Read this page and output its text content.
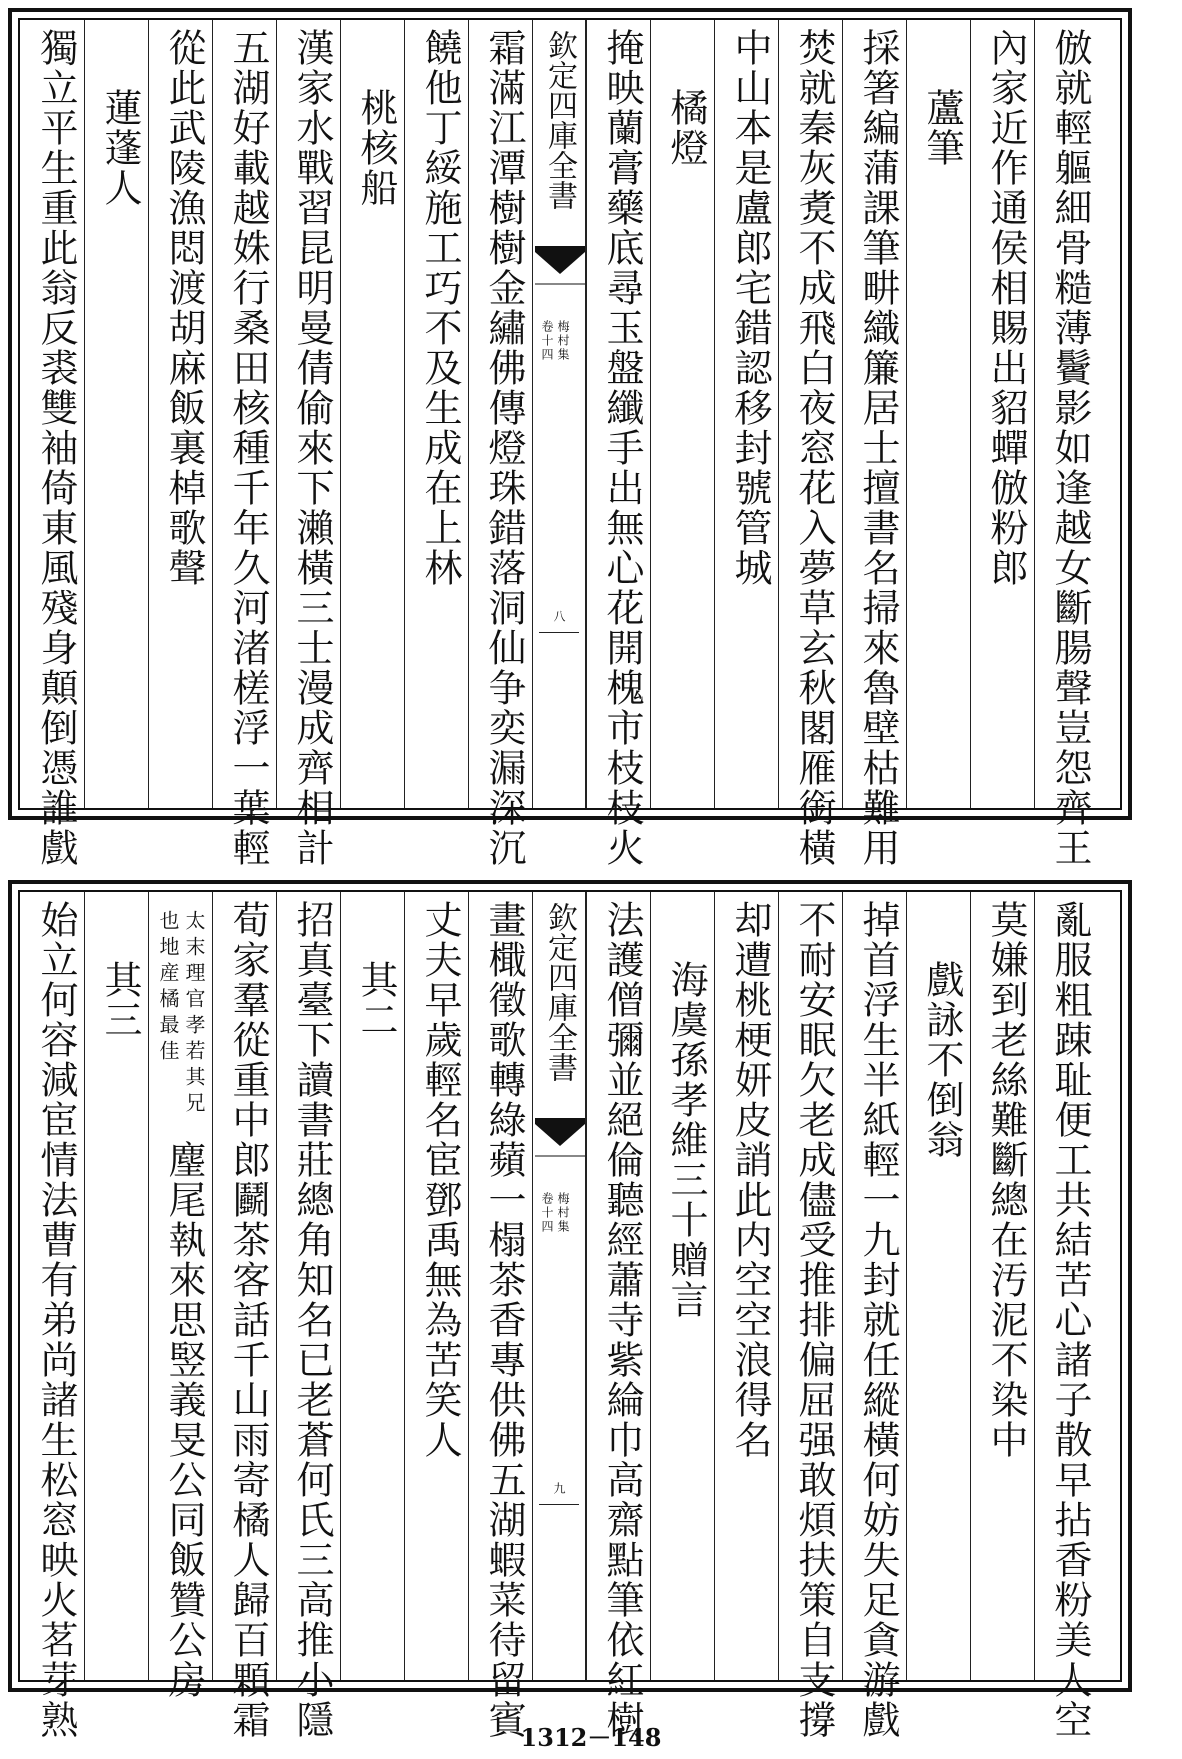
獨立平生重此翁反裘雙袖倚東風殘身顛倒憑誰戲 蓮蓬人 從此武陵漁悶渡胡麻飯裏棹歌聲 五湖好載越姝行桑田核種千年久河渚槎浮一葉輕 漢家水戰習昆明曼倩偷來下瀨橫三士漫成齊相計 桃核船 饒他丁綏施工巧不及生成在上林 霜滿江潭樹樹金繡佛傳燈珠錯落洞仙争奕漏深沉 欽定四庫全書
梅村集
卷十四
八 掩映蘭膏藥底尋玉盤纖手出無心花開槐市枝枝火 橘燈 中山本是盧郎宅錯認移封號管城 焚就秦灰煑不成飛白夜窓花入夢草玄秋閣雁銜橫 採箸編蒲課筆畊織簾居士擅書名掃來魯壁枯難用 蘆筆 內家近作通侯相賜出貂蟬倣粉郎 倣就輕軀細骨糙薄鬢影如逢越女斷腸聲豈怨齊王
始立何容減宦情法曹有弟尚諸生松窓映火茗芽熟 其三	太末理官孝若其兄也地産橘最佳
麈尾執來思竪義旻公同飯贊公房 荀家羣從重中郎鬬茶客話千山雨寄橘人歸百顆霜 招真臺下讀書莊總角知名已老蒼何氏三高推小隱 其二 丈夫早歲輕名宦鄧禹無為苦笑人 畫檝徵歌轉綠蘋一榻茶香專供佛五湖蝦菜待留賓 欽定四庫全書
梅村集
卷十四
九 法護僧彌並絕倫聽經蕭寺紫綸巾高齋點筆依紅樹 海虞孫孝維三十贈言 却遭桃梗妍皮誚此内空空浪得名 不耐安眠欠老成儘受推排偏屈强敢煩扶策自支撐 掉首浮生半紙輕一九封就任縱橫何妨失足貪游戲 戲詠不倒翁 莫嫌到老絲難斷總在汚泥不染中 亂服粗踈耻便工共結苦心諸子散早拈香粉美人空
1312－148
